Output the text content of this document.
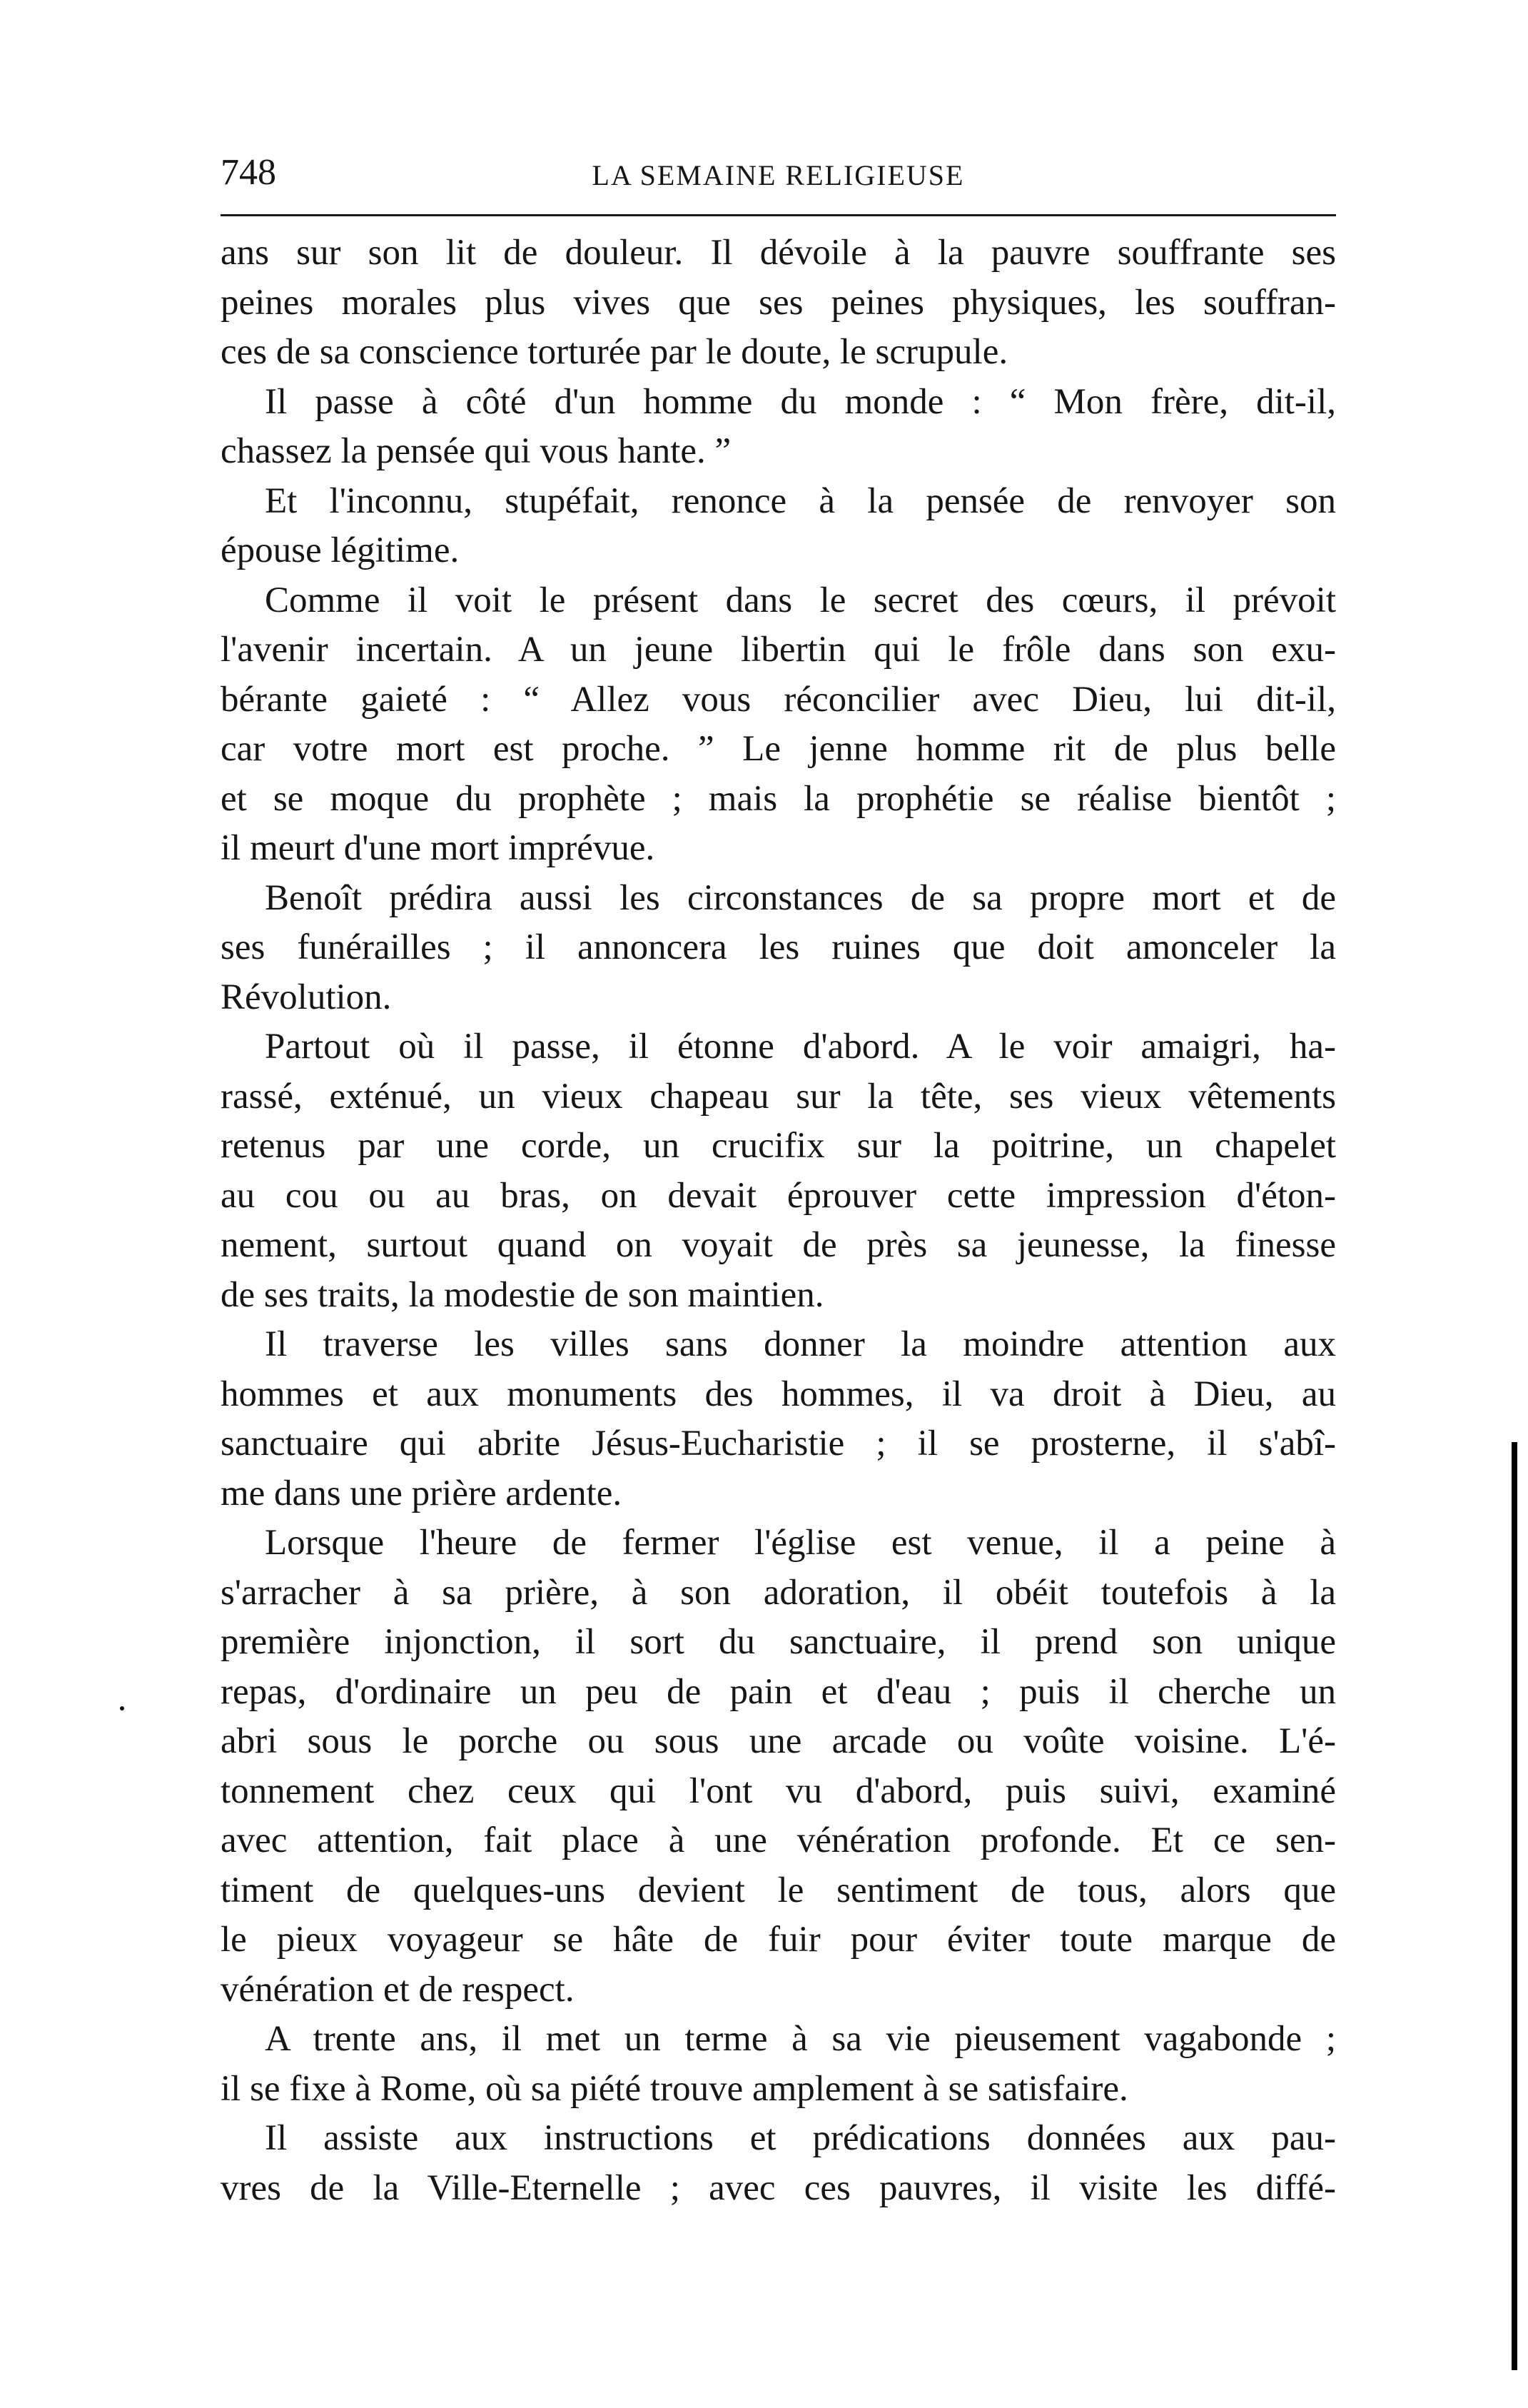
748	LA SEMAINE RELIGIEUSE
ans sur son lit de douleur. Il dévoile à la pauvre souffrante ses
peines morales plus vives que ses peines physiques, les souffran-
ces de sa conscience torturée par le doute, le scrupule.
Il passe à côté d'un homme du monde : “ Mon frère, dit-il,
chassez la pensée qui vous hante. ”
Et l'inconnu, stupéfait, renonce à la pensée de renvoyer son
épouse légitime.
Comme il voit le présent dans le secret des cœurs, il prévoit
l'avenir incertain. A un jeune libertin qui le frôle dans son exu-
bérante gaieté : “ Allez vous réconcilier avec Dieu, lui dit-il,
car votre mort est proche. ” Le jenne homme rit de plus belle
et se moque du prophète ; mais la prophétie se réalise bientôt ;
il meurt d'une mort imprévue.
Benoît prédira aussi les circonstances de sa propre mort et de
ses funérailles ; il annoncera les ruines que doit amonceler la
Révolution.
Partout où il passe, il étonne d'abord. A le voir amaigri, ha-
rassé, exténué, un vieux chapeau sur la tête, ses vieux vêtements
retenus par une corde, un crucifix sur la poitrine, un chapelet
au cou ou au bras, on devait éprouver cette impression d'éton-
nement, surtout quand on voyait de près sa jeunesse, la finesse
de ses traits, la modestie de son maintien.
Il traverse les villes sans donner la moindre attention aux
hommes et aux monuments des hommes, il va droit à Dieu, au
sanctuaire qui abrite Jésus-Eucharistie ; il se prosterne, il s'abî-
me dans une prière ardente.
Lorsque l'heure de fermer l'église est venue, il a peine à
s'arracher à sa prière, à son adoration, il obéit toutefois à la
première injonction, il sort du sanctuaire, il prend son unique
repas, d'ordinaire un peu de pain et d'eau ; puis il cherche un
abri sous le porche ou sous une arcade ou voûte voisine. L'é-
tonnement chez ceux qui l'ont vu d'abord, puis suivi, examiné
avec attention, fait place à une vénération profonde. Et ce sen-
timent de quelques-uns devient le sentiment de tous, alors que
le pieux voyageur se hâte de fuir pour éviter toute marque de
vénération et de respect.
A trente ans, il met un terme à sa vie pieusement vagabonde ;
il se fixe à Rome, où sa piété trouve amplement à se satisfaire.
Il assiste aux instructions et prédications données aux pau-
vres de la Ville-Eternelle ; avec ces pauvres, il visite les diffé-
